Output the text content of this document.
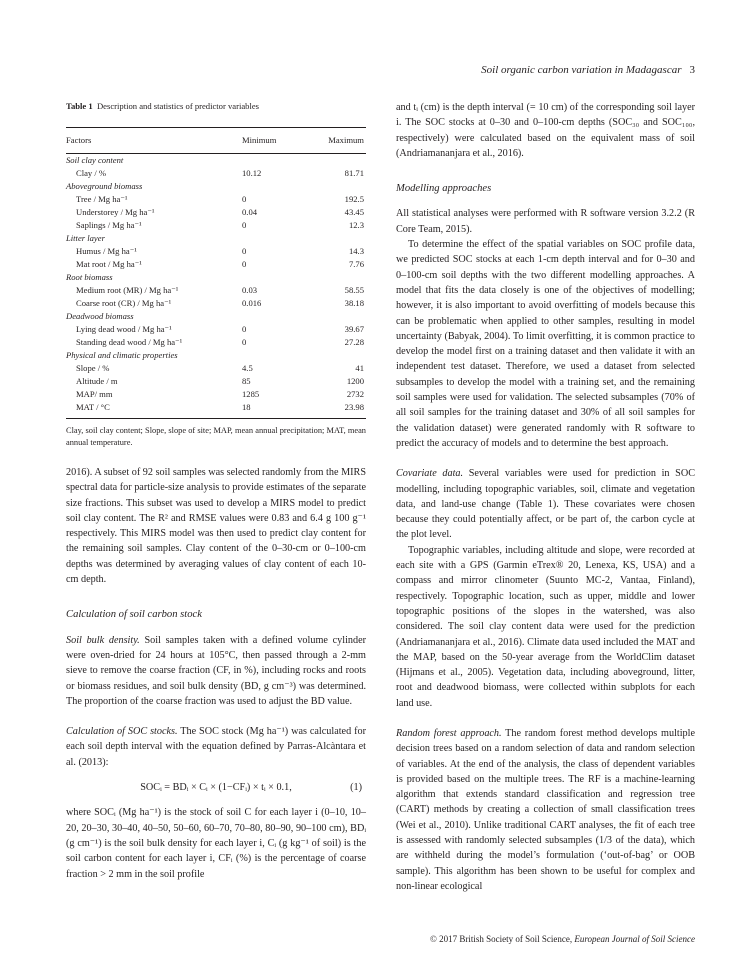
Soil organic carbon variation in Madagascar 3

Table 1 Description and statistics of predictor variables

Factors	Minimum	Maximum
Soil clay content		
Clay / %	10.12	81.71
Aboveground biomass		
Tree / Mg ha⁻¹	0	192.5
Understorey / Mg ha⁻¹	0.04	43.45
Saplings / Mg ha⁻¹	0	12.3
Litter layer		
Humus / Mg ha⁻¹	0	14.3
Mat root / Mg ha⁻¹	0	7.76
Root biomass		
Medium root (MR) / Mg ha⁻¹	0.03	58.55
Coarse root (CR) / Mg ha⁻¹	0.016	38.18
Deadwood biomass		
Lying dead wood / Mg ha⁻¹	0	39.67
Standing dead wood / Mg ha⁻¹	0	27.28
Physical and climatic properties		
Slope / %	4.5	41
Altitude / m	85	1200
MAP/ mm	1285	2732
MAT / °C	18	23.98

Clay, soil clay content; Slope, slope of site; MAP, mean annual precipitation; MAT, mean annual temperature.

2016). A subset of 92 soil samples was selected randomly from the MIRS spectral data for particle-size analysis to provide estimates of the separate size fractions. This subset was used to develop a MIRS model to predict soil clay content. The R² and RMSE values were 0.83 and 6.4 g 100 g⁻¹ respectively. This MIRS model was then used to predict clay content for the remaining soil samples. Clay content of the 0–30-cm or 0–100-cm depths was determined by averaging values of clay content of each 10-cm depth.

Calculation of soil carbon stock

Soil bulk density. Soil samples taken with a defined volume cylinder were oven-dried for 24 hours at 105°C, then passed through a 2-mm sieve to remove the coarse fraction (CF, in %), including rocks and roots or biomass residues, and soil bulk density (BD, g cm⁻³) was determined. The proportion of the coarse fraction was used to adjust the BD value.

Calculation of SOC stocks. The SOC stock (Mg ha⁻¹) was calculated for each soil depth interval with the equation defined by Parras-Alcàntara et al. (2013):

SOCᵢ = BDᵢ × Cᵢ × (1−CFᵢ) × tᵢ × 0.1,	(1)

where SOCᵢ (Mg ha⁻¹) is the stock of soil C for each layer i (0–10, 10–20, 20–30, 30–40, 40–50, 50–60, 60–70, 70–80, 80–90, 90–100 cm), BDᵢ (g cm⁻¹) is the soil bulk density for each layer i, Cᵢ (g kg⁻¹ of soil) is the soil carbon content for each layer i, CFᵢ (%) is the percentage of coarse fraction > 2 mm in the soil profile

and tᵢ (cm) is the depth interval (= 10 cm) of the corresponding soil layer i. The SOC stocks at 0–30 and 0–100-cm depths (SOC₃₀ and SOC₁₀₀, respectively) were calculated based on the equivalent mass of soil (Andriamananjara et al., 2016).

Modelling approaches

All statistical analyses were performed with R software version 3.2.2 (R Core Team, 2015).

To determine the effect of the spatial variables on SOC profile data, we predicted SOC stocks at each 1-cm depth interval and for 0–30 and 0–100-cm soil depths with the two different modelling approaches. A model that fits the data closely is one of the objectives of modelling; however, it is also important to avoid overfitting of models because this can be problematic when applied to other samples, resulting in model uncertainty (Babyak, 2004). To limit overfitting, it is common practice to develop the model first on a training dataset and then validate it with an independent test dataset. Therefore, we used a dataset from selected subsamples to develop the model with a training set, and the remaining soil samples were used for validation. The selected subsamples (70% of all soil samples for the training dataset and 30% of all soil samples for the validation dataset) were generated randomly with R software to predict the accuracy of models and to determine the best approach.

Covariate data. Several variables were used for prediction in SOC modelling, including topographic variables, soil, climate and vegetation data, and land-use change (Table 1). These covariates were chosen because they could potentially affect, or be part of, the carbon cycle at the plot level.

Topographic variables, including altitude and slope, were recorded at each site with a GPS (Garmin eTrex® 20, Lenexa, KS, USA) and a compass and mirror clinometer (Suunto MC-2, Vantaa, Finland), respectively. Topographic location, such as upper, middle and lower topographic positions of the slopes in the watershed, was also considered. The soil clay content data were used for the prediction (Andriamananjara et al., 2016). Climate data used included the MAT and the MAP, based on the 50-year average from the WorldClim dataset (Hijmans et al., 2005). Vegetation data, including aboveground, litter, root and deadwood biomass, were collected within subplots for each land use.

Random forest approach. The random forest method develops multiple decision trees based on a random selection of data and random selection of variables. At the end of the analysis, the class of dependent variables is provided based on the multiple trees. The RF is a machine-learning algorithm that extends standard classification and regression tree (CART) methods by creating a collection of small classification trees (Wei et al., 2010). Unlike traditional CART analyses, the fit of each tree is assessed with randomly selected subsamples (1/3 of the data), which are withheld during the model’s formulation (‘out-of-bag’ or OOB sample). This algorithm has been shown to be useful for complex and non-linear ecological

© 2017 British Society of Soil Science, European Journal of Soil Science
